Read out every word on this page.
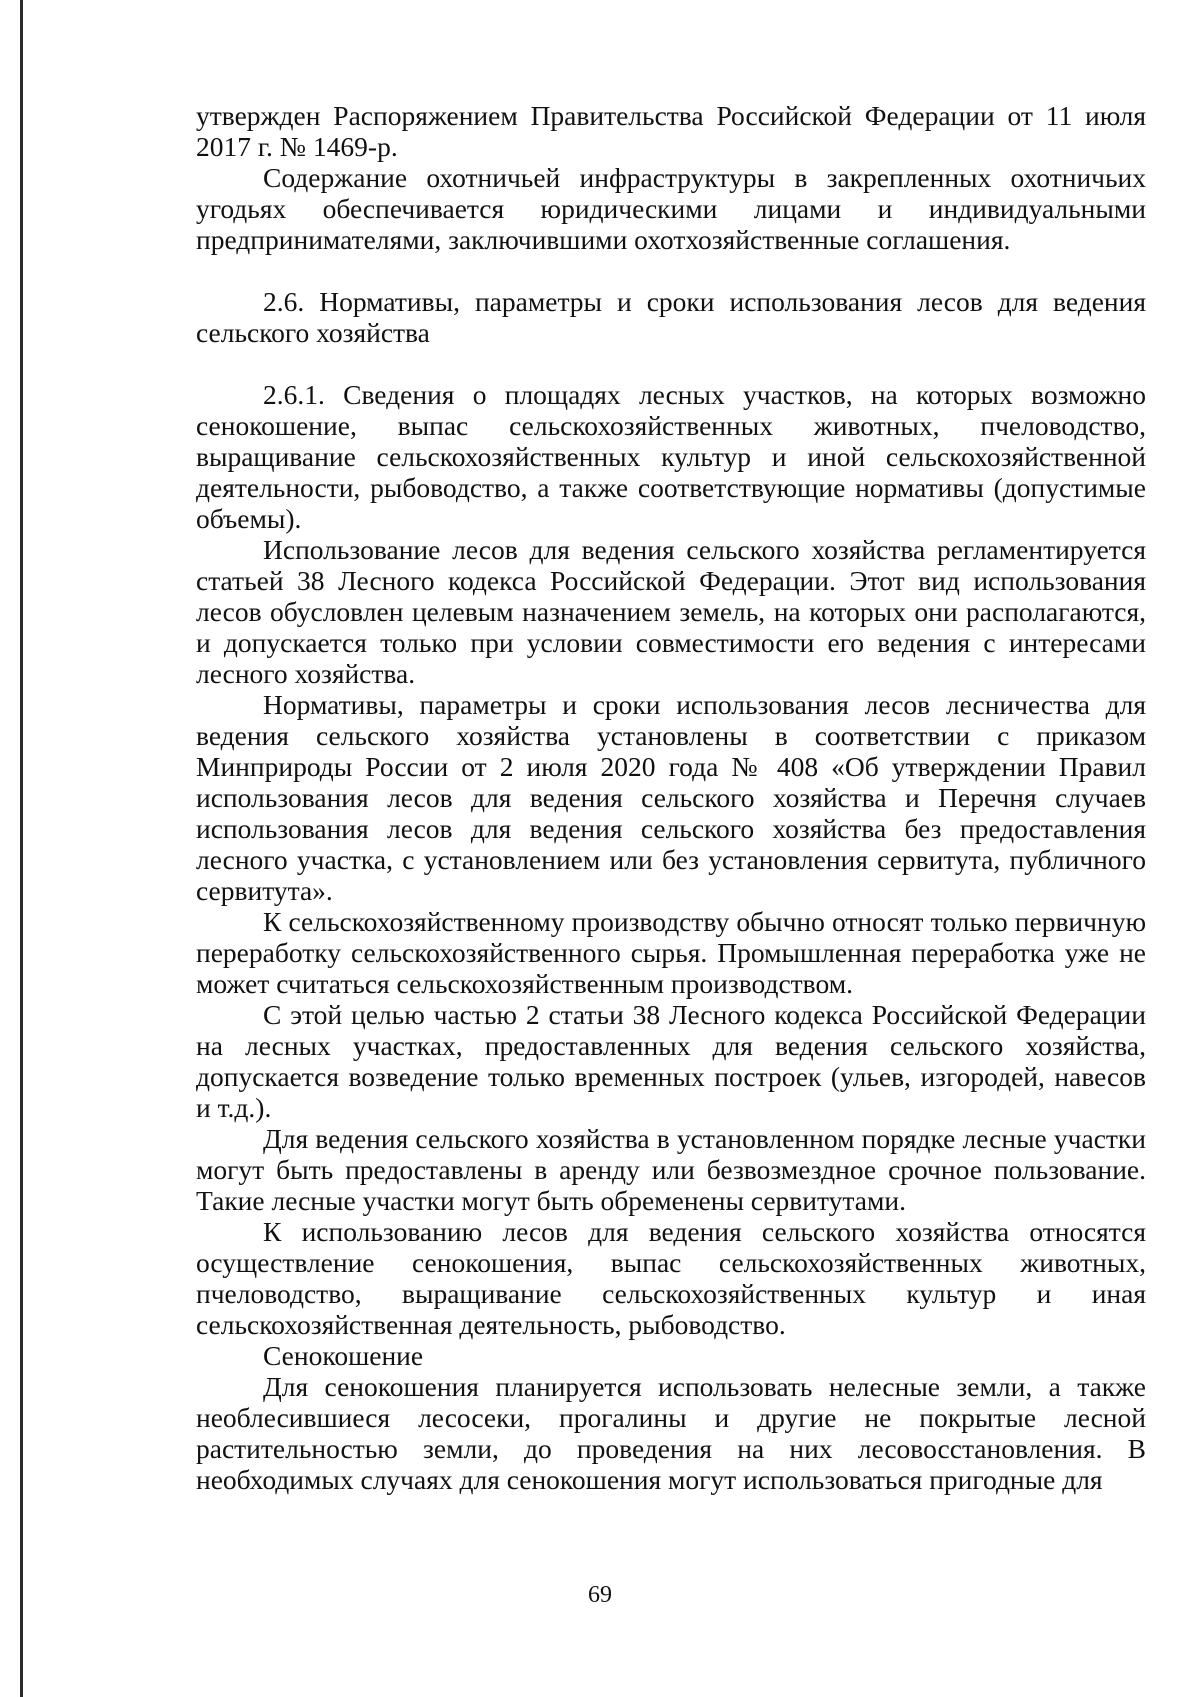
утвержден Распоряжением Правительства Российской Федерации от 11 июля 2017 г. № 1469-р.

Содержание охотничьей инфраструктуры в закрепленных охотничьих угодьях обеспечивается юридическими лицами и индивидуальными предпринимателями, заключившими охотхозяйственные соглашения.

2.6. Нормативы, параметры и сроки использования лесов для ведения сельского хозяйства

2.6.1. Сведения о площадях лесных участков, на которых возможно сенокошение, выпас сельскохозяйственных животных, пчеловодство, выращивание сельскохозяйственных культур и иной сельскохозяйственной деятельности, рыбоводство, а также соответствующие нормативы (допустимые объемы).

Использование лесов для ведения сельского хозяйства регламентируется статьей 38 Лесного кодекса Российской Федерации. Этот вид использования лесов обусловлен целевым назначением земель, на которых они располагаются, и допускается только при условии совместимости его ведения с интересами лесного хозяйства.

Нормативы, параметры и сроки использования лесов лесничества для ведения сельского хозяйства установлены в соответствии с приказом Минприроды России от 2 июля 2020 года № 408 «Об утверждении Правил использования лесов для ведения сельского хозяйства и Перечня случаев использования лесов для ведения сельского хозяйства без предоставления лесного участка, с установлением или без установления сервитута, публичного сервитута».

К сельскохозяйственному производству обычно относят только первичную переработку сельскохозяйственного сырья. Промышленная переработка уже не может считаться сельскохозяйственным производством.

С этой целью частью 2 статьи 38 Лесного кодекса Российской Федерации на лесных участках, предоставленных для ведения сельского хозяйства, допускается возведение только временных построек (ульев, изгородей, навесов и т.д.).

Для ведения сельского хозяйства в установленном порядке лесные участки могут быть предоставлены в аренду или безвозмездное срочное пользование. Такие лесные участки могут быть обременены сервитутами.

К использованию лесов для ведения сельского хозяйства относятся осуществление сенокошения, выпас сельскохозяйственных животных, пчеловодство, выращивание сельскохозяйственных культур и иная сельскохозяйственная деятельность, рыбоводство.

Сенокошение

Для сенокошения планируется использовать нелесные земли, а также необлесившиеся лесосеки, прогалины и другие не покрытые лесной растительностью земли, до проведения на них лесовосстановления. В необходимых случаях для сенокошения могут использоваться пригодные для

69
